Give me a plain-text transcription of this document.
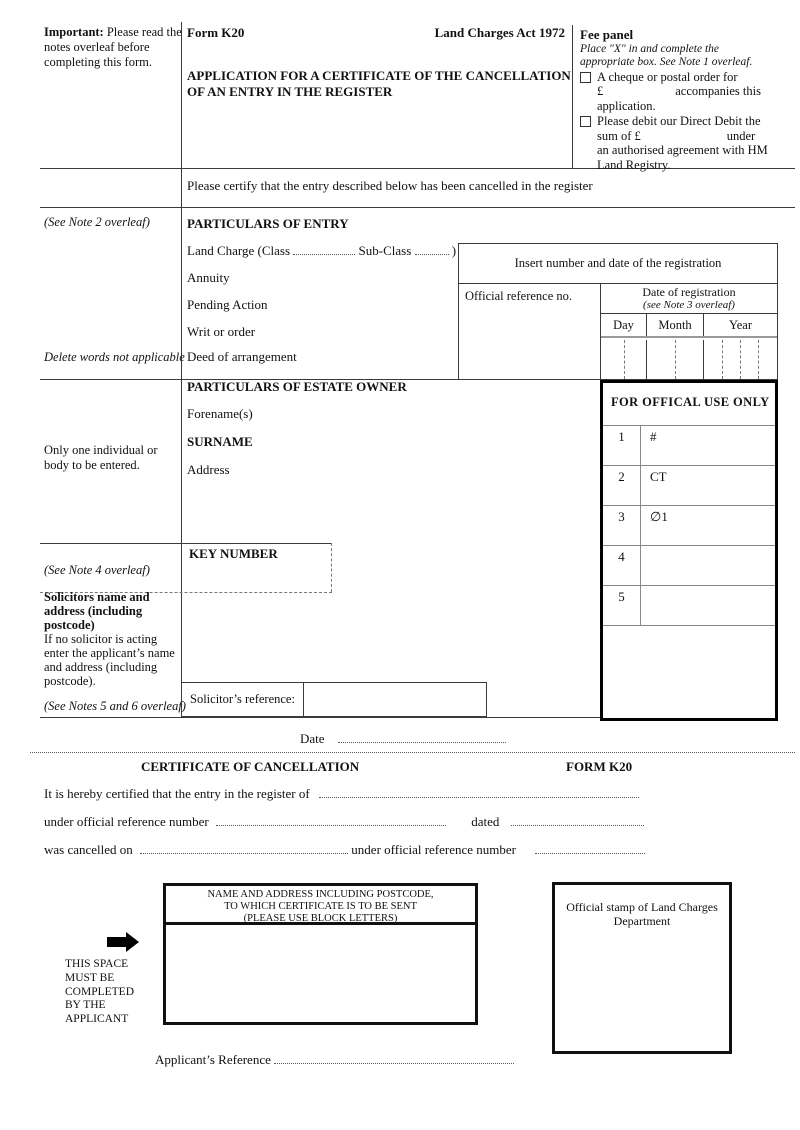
Important: Please read the notes overleaf before completing this form.
Form K20	Land Charges Act 1972
APPLICATION FOR A CERTIFICATE OF THE CANCELLATION
OF AN ENTRY IN THE REGISTER
Fee panel
Place "X" in and complete the
appropriate box. See Note 1 overleaf.
A cheque or postal order for
£	accompanies this
application.
Please debit our Direct Debit the
sum of £	under
an authorised agreement with HM
Land Registry.
Please certify that the entry described below has been cancelled in the register
(See Note 2 overleaf)	PARTICULARS OF ENTRY
Land Charge (Class	Sub-Class	)
Annuity
Pending Action
Writ or order
Deed of arrangement
Delete words not applicable
Insert number and date of the registration
Official reference no.	Date of registration
(see Note 3 overleaf)
Day	Month	Year
Only one individual or
body to be entered.
PARTICULARS OF ESTATE OWNER
Forename(s)
SURNAME
Address
FOR OFFICAL USE ONLY
1	#
2	CT
3	∅1
4
5
(See Note 4 overleaf)
KEY NUMBER
Solicitors name and
address (including
postcode)
If no solicitor is acting
enter the applicant’s name
and address (including
postcode).
(See Notes 5 and 6 overleaf) Solicitor’s reference:
Date
CERTIFICATE OF CANCELLATION	FORM K20
It is hereby certified that the entry in the register of
under official reference number	dated
was cancelled on	under official reference number
THIS SPACE
MUST BE
COMPLETED
BY THE
APPLICANT
NAME AND ADDRESS INCLUDING POSTCODE,
TO WHICH CERTIFICATE IS TO BE SENT
(PLEASE USE BLOCK LETTERS)
Official stamp of Land Charges
Department
Applicant’s Reference
